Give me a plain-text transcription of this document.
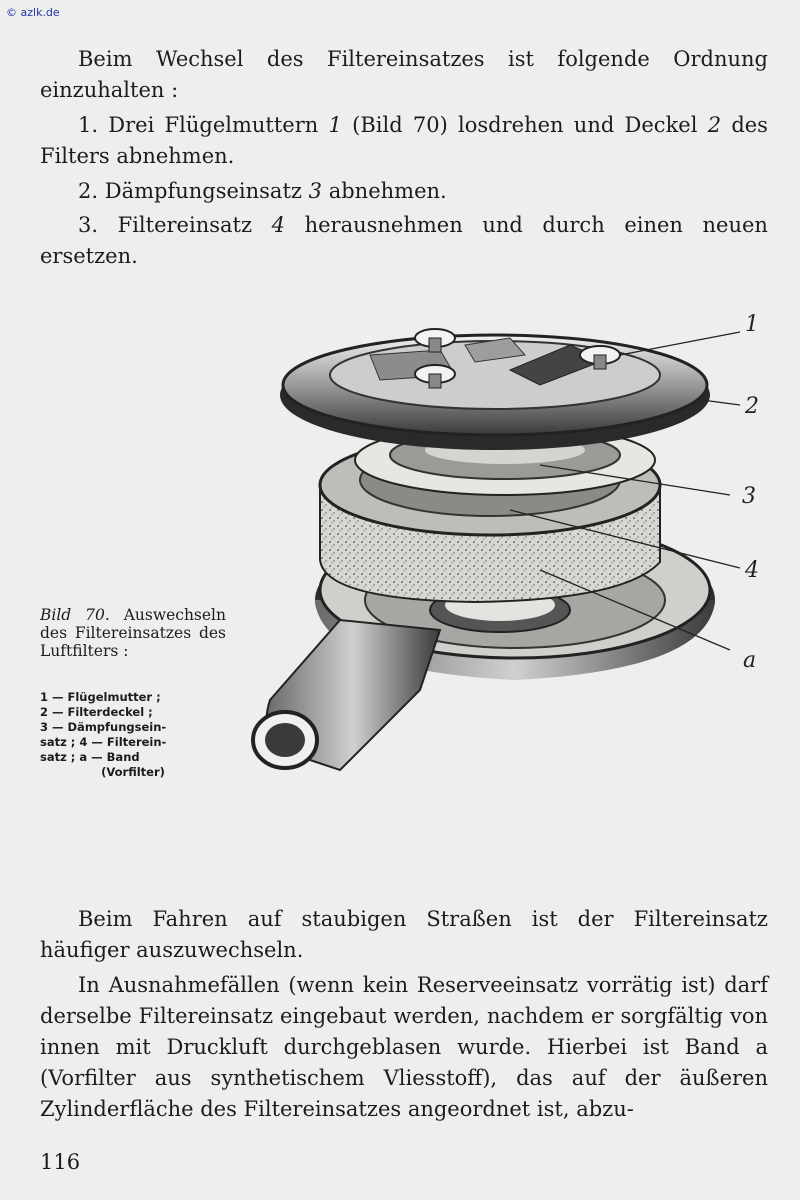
© azlk.de

Beim Wechsel des Filtereinsatzes ist folgende Ordnung einzuhalten :

1. Drei Flügelmuttern 1 (Bild 70) losdrehen und Deckel 2 des Filters abnehmen.

2. Dämpfungseinsatz 3 abnehmen.

3. Filtereinsatz 4 herausnehmen und durch einen neuen ersetzen.

1
2
3
4
a
Bild 70. Auswechseln des Filtereinsatzes des Luftfilters :
1 — Flügelmutter ;
2 — Filterdeckel ;
3 — Dämpfungsein-
satz ; 4 — Filterein-
satz ; a — Band
(Vorfilter)

Beim Fahren auf staubigen Straßen ist der Filtereinsatz häufiger auszuwechseln.

In Ausnahmefällen (wenn kein Reserveeinsatz vorrätig ist) darf derselbe Filtereinsatz eingebaut werden, nachdem er sorgfältig von innen mit Druckluft durchgeblasen wurde. Hierbei ist Band a (Vorfilter aus synthetischem Vliesstoff), das auf der äußeren Zylinderfläche des Filtereinsatzes angeordnet ist, abzu-

116
